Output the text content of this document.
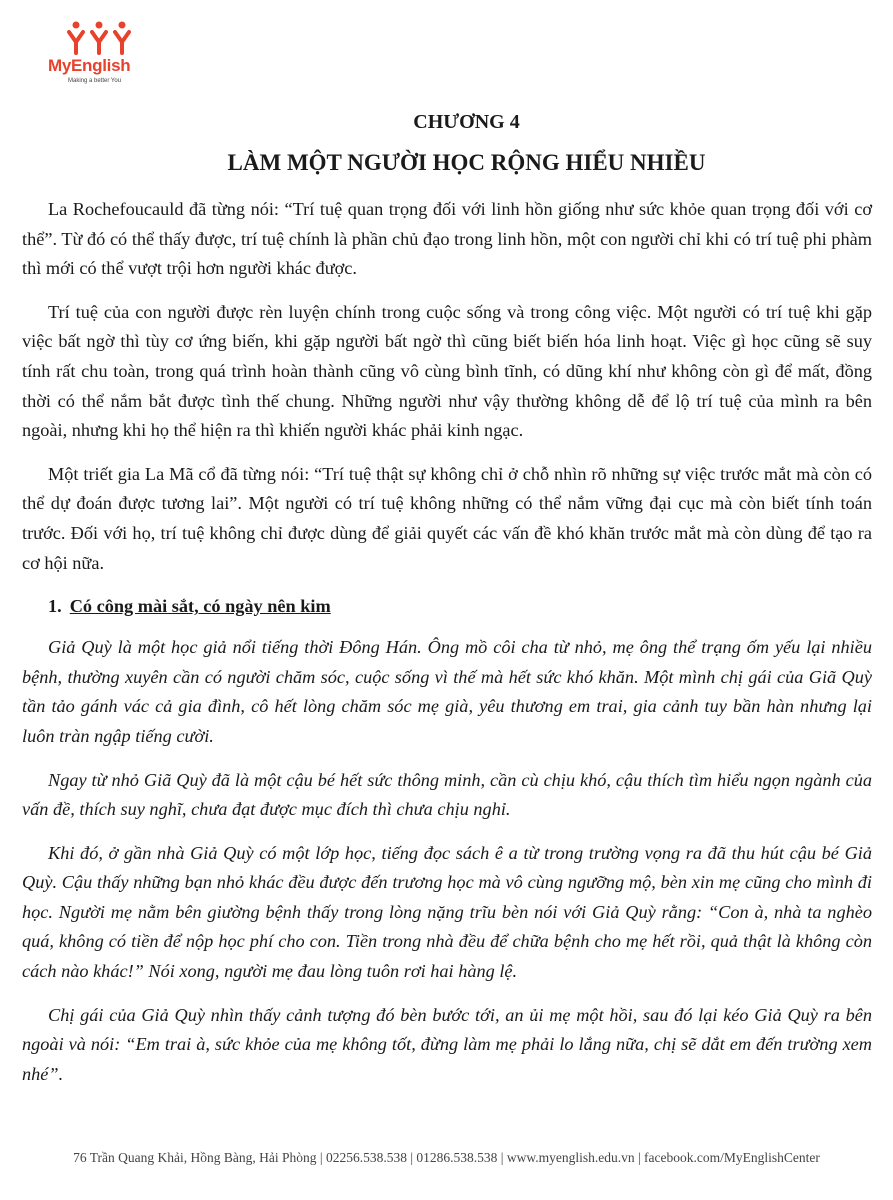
MyEnglish
Making a better You
CHƯƠNG 4
LÀM MỘT NGƯỜI HỌC RỘNG HIỂU NHIỀU

La Rochefoucauld đã từng nói: “Trí tuệ quan trọng đối với linh hồn giống như sức khỏe quan trọng đối với cơ thể”. Từ đó có thể thấy được, trí tuệ chính là phần chủ đạo trong linh hồn, một con người chỉ khi có trí tuệ phi phàm thì mới có thể vượt trội hơn người khác được.

Trí tuệ của con người được rèn luyện chính trong cuộc sống và trong công việc. Một người có trí tuệ khi gặp việc bất ngờ thì tùy cơ ứng biến, khi gặp người bất ngờ thì cũng biết biến hóa linh hoạt. Việc gì học cũng sẽ suy tính rất chu toàn, trong quá trình hoàn thành cũng vô cùng bình tĩnh, có dũng khí như không còn gì để mất, đồng thời có thể nắm bắt được tình thế chung. Những người như vậy thường không dễ để lộ trí tuệ của mình ra bên ngoài, nhưng khi họ thể hiện ra thì khiến người khác phải kinh ngạc.

Một triết gia La Mã cổ đã từng nói: “Trí tuệ thật sự không chỉ ở chỗ nhìn rõ những sự việc trước mắt mà còn có thể dự đoán được tương lai”. Một người có trí tuệ không những có thể nắm vững đại cục mà còn biết tính toán trước. Đối với họ, trí tuệ không chỉ được dùng để giải quyết các vấn đề khó khăn trước mắt mà còn dùng để tạo ra cơ hội nữa.

1. Có công mài sắt, có ngày nên kim

Giả Quỳ là một học giả nổi tiếng thời Đông Hán. Ông mồ côi cha từ nhỏ, mẹ ông thể trạng ốm yếu lại nhiều bệnh, thường xuyên cần có người chăm sóc, cuộc sống vì thế mà hết sức khó khăn. Một mình chị gái của Giã Quỳ tần tảo gánh vác cả gia đình, cô hết lòng chăm sóc mẹ già, yêu thương em trai, gia cảnh tuy bần hàn nhưng lại luôn tràn ngập tiếng cười.

Ngay từ nhỏ Giã Quỳ đã là một cậu bé hết sức thông minh, cần cù chịu khó, cậu thích tìm hiểu ngọn ngành của vấn đề, thích suy nghĩ, chưa đạt được mục đích thì chưa chịu nghỉ.

Khi đó, ở gần nhà Giả Quỳ có một lớp học, tiếng đọc sách ê a từ trong trường vọng ra đã thu hút cậu bé Giả Quỳ. Cậu thấy những bạn nhỏ khác đều được đến trương học mà vô cùng ngưỡng mộ, bèn xin mẹ cũng cho mình đi học. Người mẹ nằm bên giường bệnh thấy trong lòng nặng trĩu bèn nói với Giả Quỳ rằng: “Con à, nhà ta nghèo quá, không có tiền để nộp học phí cho con. Tiền trong nhà đều để chữa bệnh cho mẹ hết rồi, quả thật là không còn cách nào khác!” Nói xong, người mẹ đau lòng tuôn rơi hai hàng lệ.

Chị gái của Giả Quỳ nhìn thấy cảnh tượng đó bèn bước tới, an ủi mẹ một hồi, sau đó lại kéo Giả Quỳ ra bên ngoài và nói: “Em trai à, sức khỏe của mẹ không tốt, đừng làm mẹ phải lo lắng nữa, chị sẽ dắt em đến trường xem nhé”.

76 Trần Quang Khải, Hồng Bàng, Hải Phòng | 02256.538.538 | 01286.538.538 | www.myenglish.edu.vn | facebook.com/MyEnglishCenter
